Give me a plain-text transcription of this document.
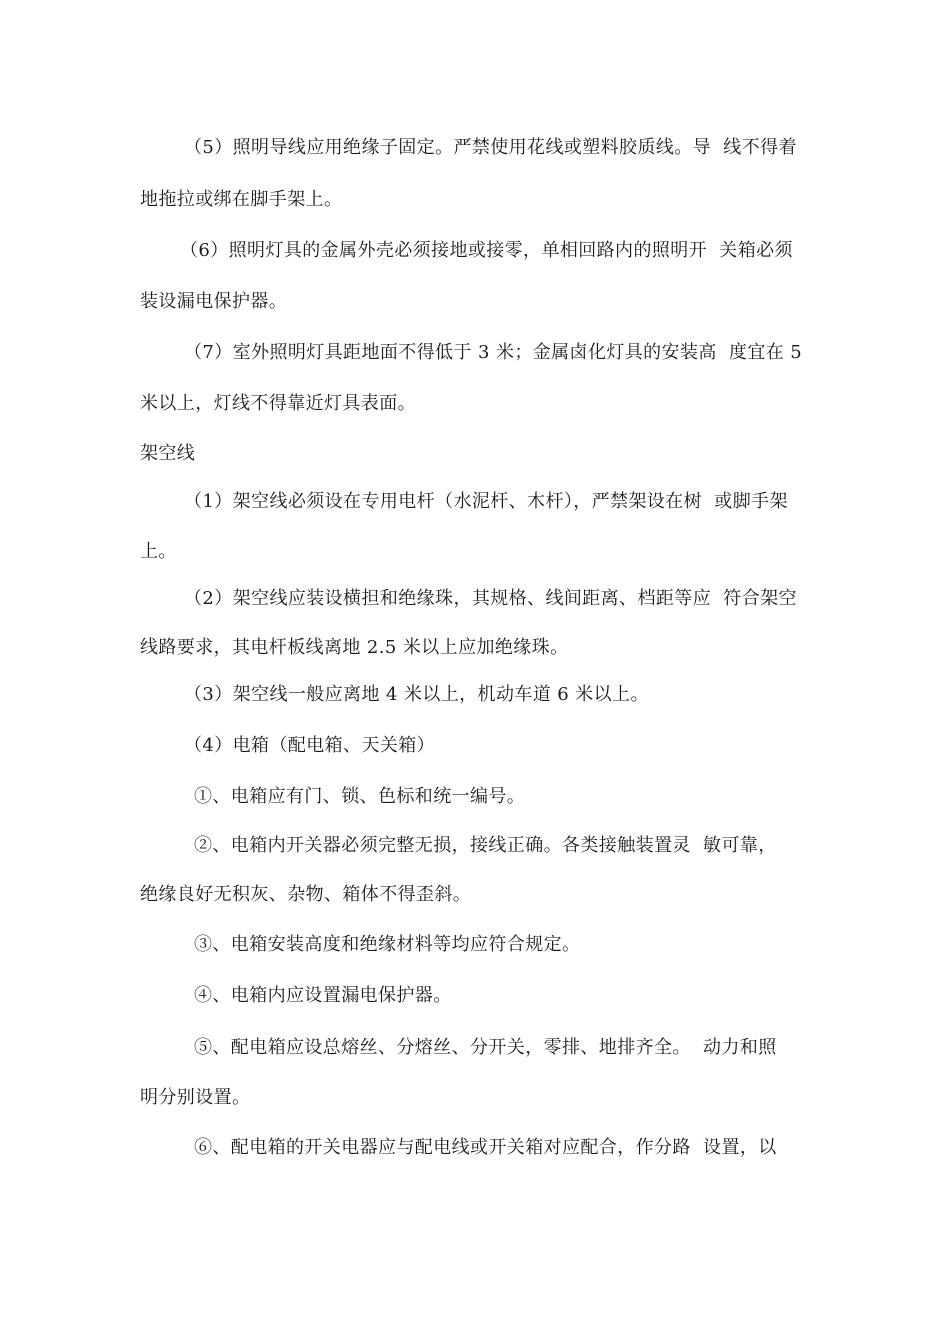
（5）照明导线应用绝缘子固定。严禁使用花线或塑料胶质线。导  线不得着
地拖拉或绑在脚手架上。
（6）照明灯具的金属外壳必须接地或接零，单相回路内的照明开  关箱必须
装设漏电保护器。
（7）室外照明灯具距地面不得低于 3 米；金属卤化灯具的安装高  度宜在 5
米以上，灯线不得靠近灯具表面。
架空线
（1）架空线必须设在专用电杆（水泥杆、木杆），严禁架设在树  或脚手架
上。
（2）架空线应装设横担和绝缘珠，其规格、线间距离、档距等应  符合架空
线路要求，其电杆板线离地 2.5 米以上应加绝缘珠。
（3）架空线一般应离地 4 米以上，机动车道 6 米以上。
（4）电箱（配电箱、天关箱）
①、电箱应有门、锁、色标和统一编号。
②、电箱内开关器必须完整无损，接线正确。各类接触装置灵  敏可靠，
绝缘良好无积灰、杂物、箱体不得歪斜。
③、电箱安装高度和绝缘材料等均应符合规定。
④、电箱内应设置漏电保护器。
⑤、配电箱应设总熔丝、分熔丝、分开关，零排、地排齐全。  动力和照
明分别设置。
⑥、配电箱的开关电器应与配电线或开关箱对应配合，作分路  设置，以
